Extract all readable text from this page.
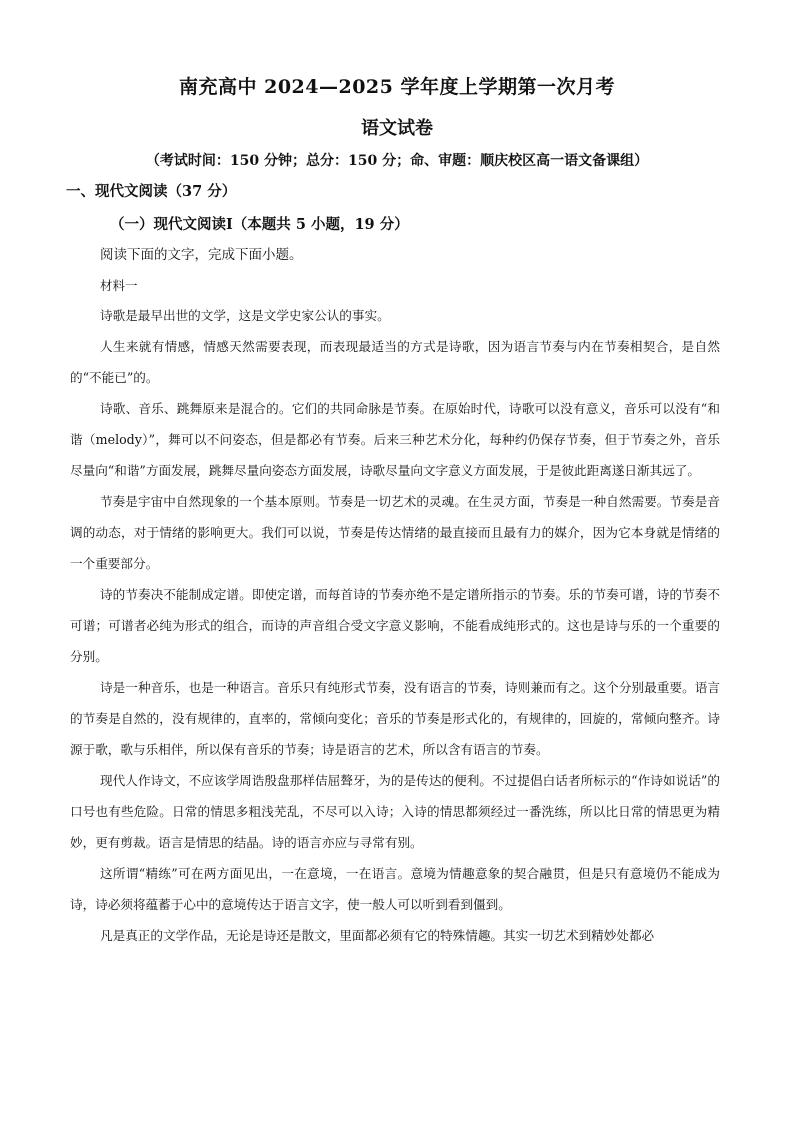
南充高中 2024—2025 学年度上学期第一次月考
语文试卷
（考试时间：150 分钟；总分：150 分；命、审题：顺庆校区高一语文备课组）
一、现代文阅读（37 分）
（一）现代文阅读Ⅰ（本题共 5 小题，19 分）
阅读下面的文字，完成下面小题。
材料一

诗歌是最早出世的文学，这是文学史家公认的事实。

人生来就有情感，情感天然需要表现，而表现最适当的方式是诗歌，因为语言节奏与内在节奏相契合，是自然的“不能已”的。

诗歌、音乐、跳舞原来是混合的。它们的共同命脉是节奏。在原始时代，诗歌可以没有意义，音乐可以没有“和谐（melody）”，舞可以不问姿态，但是都必有节奏。后来三种艺术分化，每种约仍保存节奏，但于节奏之外，音乐尽量向“和谐”方面发展，跳舞尽量向姿态方面发展，诗歌尽量向文字意义方面发展，于是彼此距离遂日渐其远了。

节奏是宇宙中自然现象的一个基本原则。节奏是一切艺术的灵魂。在生灵方面，节奏是一种自然需要。节奏是音调的动态，对于情绪的影响更大。我们可以说，节奏是传达情绪的最直接而且最有力的媒介，因为它本身就是情绪的一个重要部分。

诗的节奏决不能制成定谱。即使定谱，而每首诗的节奏亦绝不是定谱所指示的节奏。乐的节奏可谱，诗的节奏不可谱；可谱者必纯为形式的组合，而诗的声音组合受文字意义影响，不能看成纯形式的。这也是诗与乐的一个重要的分别。

诗是一种音乐，也是一种语言。音乐只有纯形式节奏，没有语言的节奏，诗则兼而有之。这个分别最重要。语言的节奏是自然的，没有规律的，直率的，常倾向变化；音乐的节奏是形式化的，有规律的，回旋的，常倾向整齐。诗源于歌，歌与乐相伴，所以保有音乐的节奏；诗是语言的艺术，所以含有语言的节奏。

现代人作诗文，不应该学周诰殷盘那样佶屈聱牙，为的是传达的便利。不过提倡白话者所标示的“作诗如说话”的口号也有些危险。日常的情思多粗浅芜乱，不尽可以入诗；入诗的情思都须经过一番洗练，所以比日常的情思更为精妙，更有剪裁。语言是情思的结晶。诗的语言亦应与寻常有别。

这所谓“精练”可在两方面见出，一在意境，一在语言。意境为情趣意象的契合融贯，但是只有意境仍不能成为诗，诗必须将蕴蓄于心中的意境传达于语言文字，使一般人可以听到看到僵到。

凡是真正的文学作品，无论是诗还是散文，里面都必须有它的特殊情趣。其实一切艺术到精妙处都必
